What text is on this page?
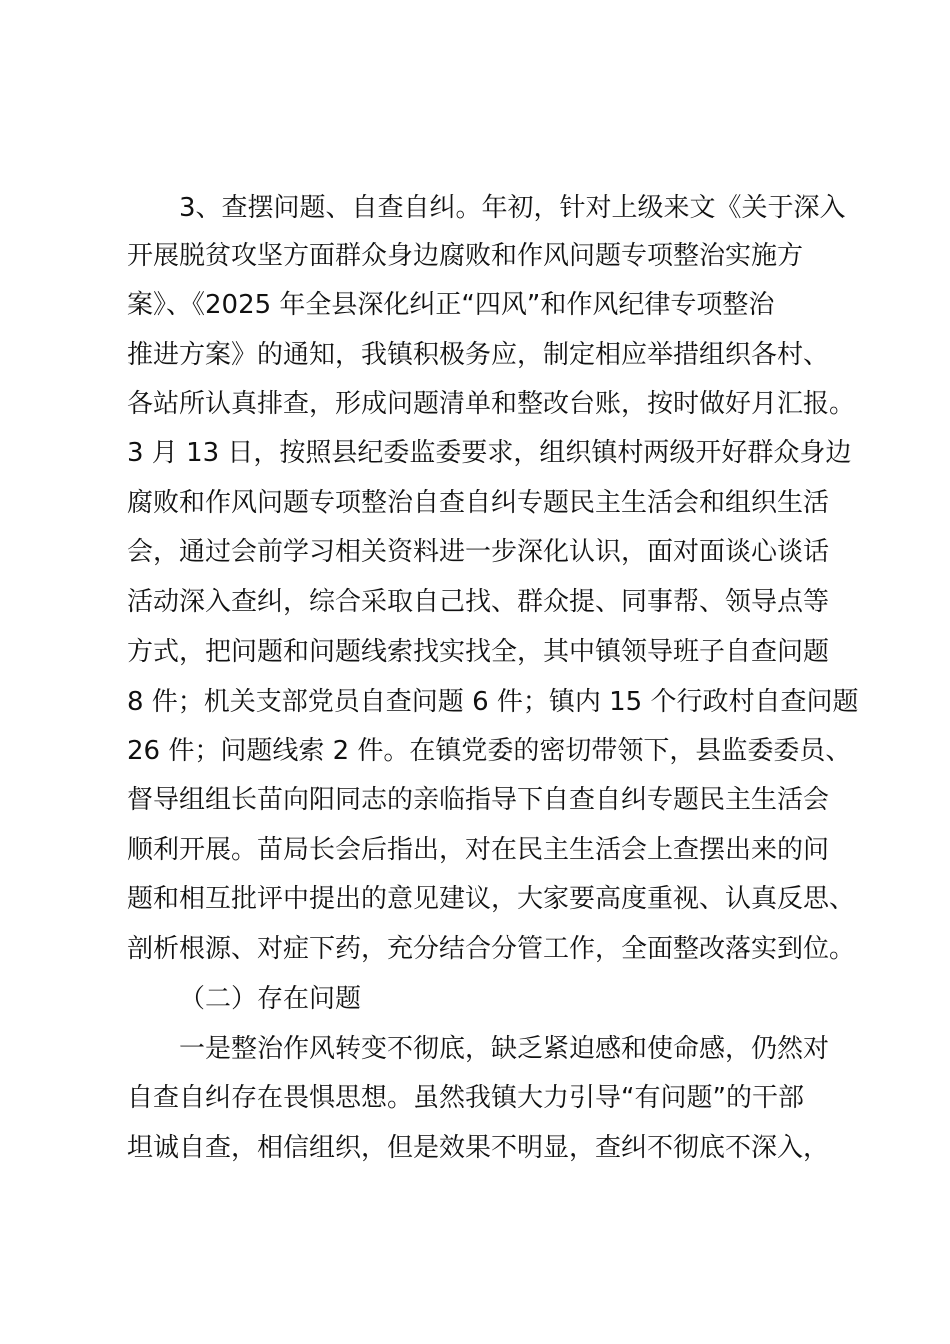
3、查摆问题、自查自纠。年初，针对上级来文《关于深入
开展脱贫攻坚方面群众身边腐败和作风问题专项整治实施方
案》、《2025 年全县深化纠正“四风”和作风纪律专项整治
推进方案》的通知，我镇积极务应，制定相应举措组织各村、
各站所认真排查，形成问题清单和整改台账，按时做好月汇报。
3 月 13 日，按照县纪委监委要求，组织镇村两级开好群众身边
腐败和作风问题专项整治自查自纠专题民主生活会和组织生活
会，通过会前学习相关资料进一步深化认识，面对面谈心谈话
活动深入查纠，综合采取自己找、群众提、同事帮、领导点等
方式，把问题和问题线索找实找全，其中镇领导班子自查问题
8 件；机关支部党员自查问题 6 件；镇内 15 个行政村自查问题
26 件；问题线索 2 件。在镇党委的密切带领下，县监委委员、
督导组组长苗向阳同志的亲临指导下自查自纠专题民主生活会
顺利开展。苗局长会后指出，对在民主生活会上查摆出来的问
题和相互批评中提出的意见建议，大家要高度重视、认真反思、
剖析根源、对症下药，充分结合分管工作，全面整改落实到位。
（二）存在问题
一是整治作风转变不彻底，缺乏紧迫感和使命感，仍然对
自查自纠存在畏惧思想。虽然我镇大力引导“有问题”的干部
坦诚自查，相信组织，但是效果不明显，查纠不彻底不深入，
